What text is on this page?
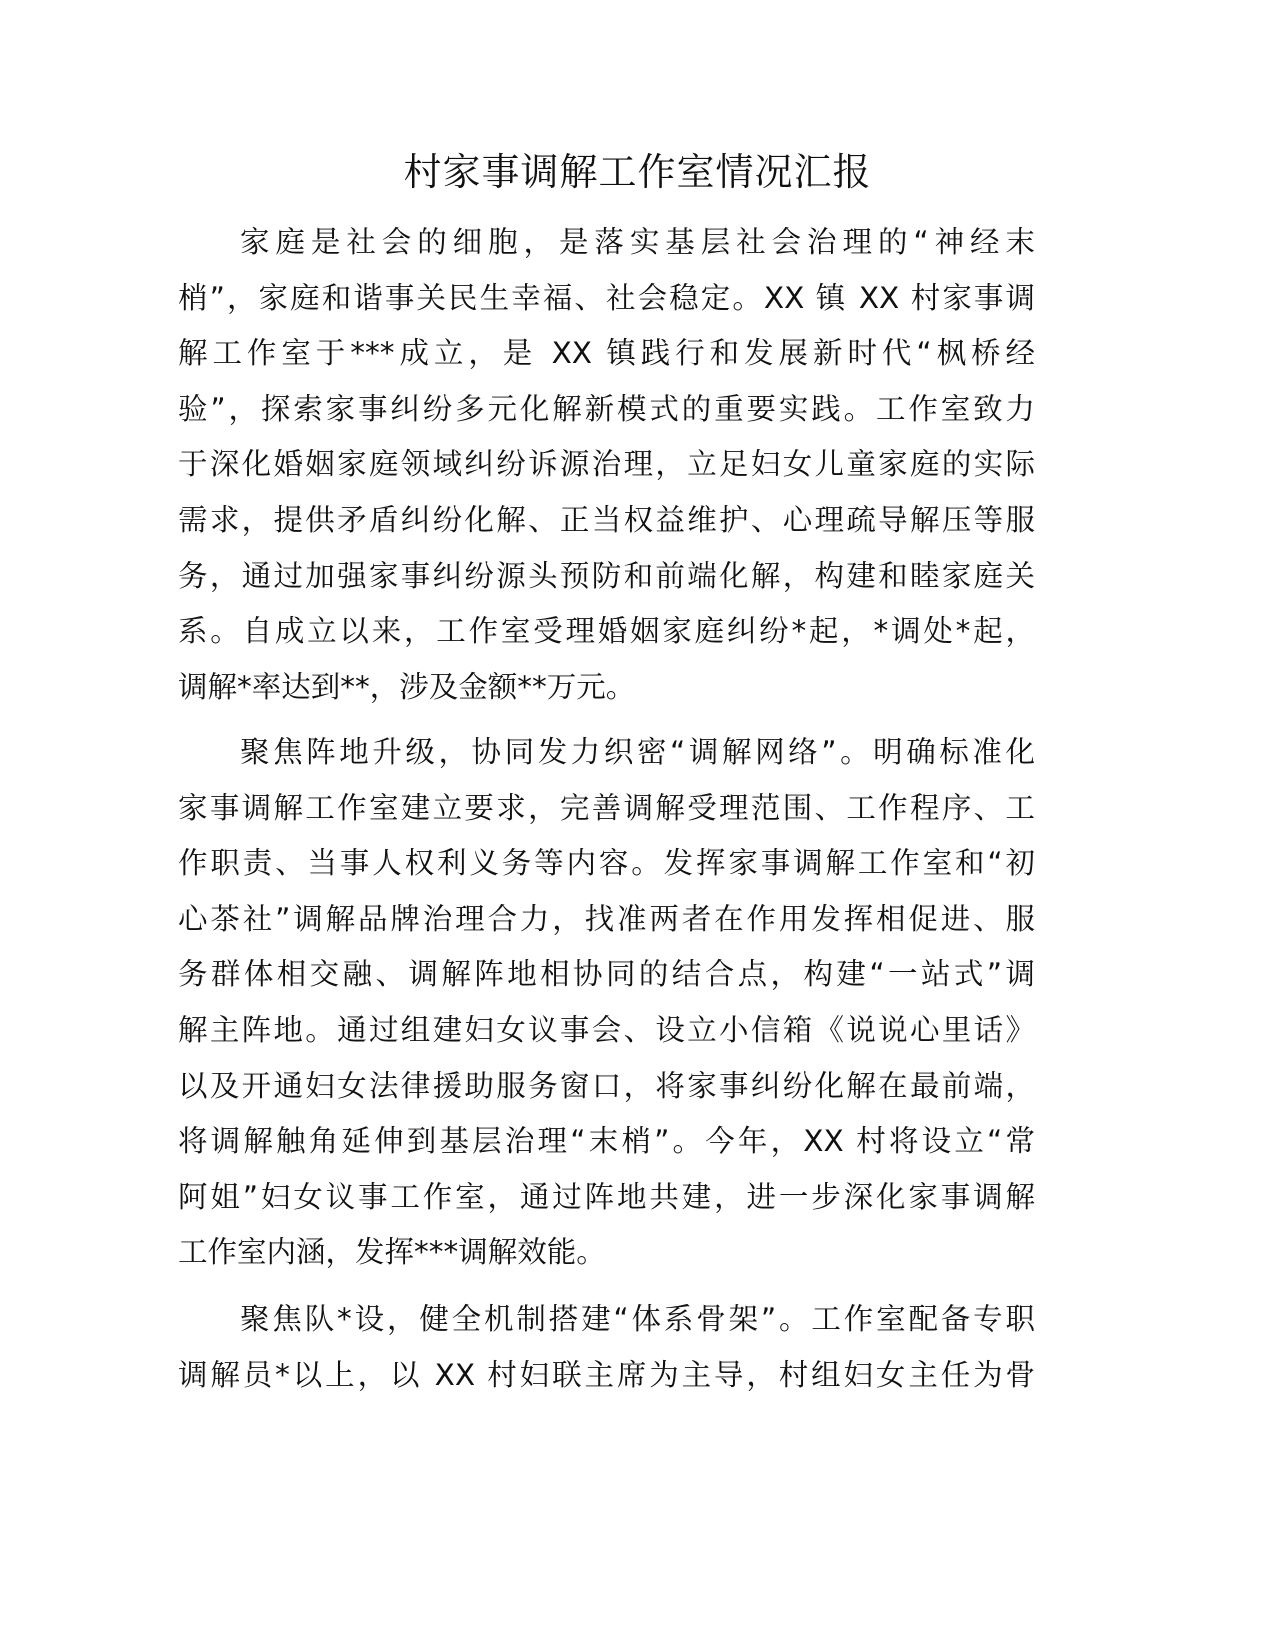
村家事调解工作室情况汇报
家庭是社会的细胞，是落实基层社会治理的“神经末
梢”，家庭和谐事关民生幸福、社会稳定。XX 镇 XX 村家事调
解工作室于***成立，是 XX 镇践行和发展新时代“枫桥经
验”，探索家事纠纷多元化解新模式的重要实践。工作室致力
于深化婚姻家庭领域纠纷诉源治理，立足妇女儿童家庭的实际
需求，提供矛盾纠纷化解、正当权益维护、心理疏导解压等服
务，通过加强家事纠纷源头预防和前端化解，构建和睦家庭关
系。自成立以来，工作室受理婚姻家庭纠纷*起，*调处*起，
调解*率达到**，涉及金额**万元。
聚焦阵地升级，协同发力织密“调解网络”。明确标准化
家事调解工作室建立要求，完善调解受理范围、工作程序、工
作职责、当事人权利义务等内容。发挥家事调解工作室和“初
心茶社”调解品牌治理合力，找准两者在作用发挥相促进、服
务群体相交融、调解阵地相协同的结合点，构建“一站式”调
解主阵地。通过组建妇女议事会、设立小信箱《说说心里话》
以及开通妇女法律援助服务窗口，将家事纠纷化解在最前端，
将调解触角延伸到基层治理“末梢”。今年，XX 村将设立“常
阿姐”妇女议事工作室，通过阵地共建，进一步深化家事调解
工作室内涵，发挥***调解效能。
聚焦队*设，健全机制搭建“体系骨架”。工作室配备专职
调解员*以上，以 XX 村妇联主席为主导，村组妇女主任为骨
